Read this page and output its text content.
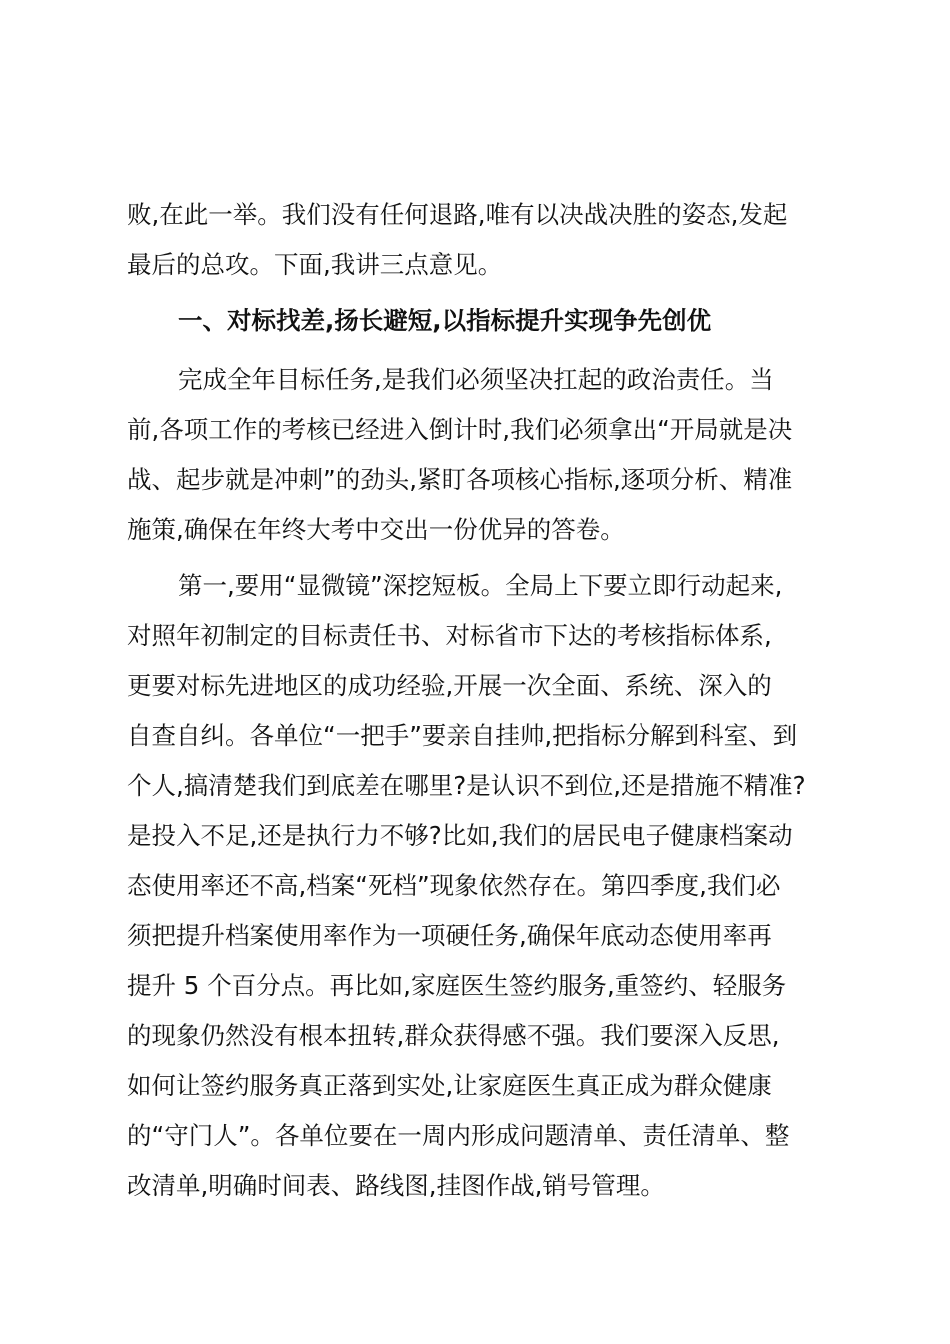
败,在此一举。我们没有任何退路,唯有以决战决胜的姿态,发起
最后的总攻。下面,我讲三点意见。
一、对标找差,扬长避短,以指标提升实现争先创优
完成全年目标任务,是我们必须坚决扛起的政治责任。当
前,各项工作的考核已经进入倒计时,我们必须拿出“开局就是决
战、起步就是冲刺”的劲头,紧盯各项核心指标,逐项分析、精准
施策,确保在年终大考中交出一份优异的答卷。
第一,要用“显微镜”深挖短板。全局上下要立即行动起来,
对照年初制定的目标责任书、对标省市下达的考核指标体系,
更要对标先进地区的成功经验,开展一次全面、系统、深入的
自查自纠。各单位“一把手”要亲自挂帅,把指标分解到科室、到
个人,搞清楚我们到底差在哪里?是认识不到位,还是措施不精准?
是投入不足,还是执行力不够?比如,我们的居民电子健康档案动
态使用率还不高,档案“死档”现象依然存在。第四季度,我们必
须把提升档案使用率作为一项硬任务,确保年底动态使用率再
提升 5 个百分点。再比如,家庭医生签约服务,重签约、轻服务
的现象仍然没有根本扭转,群众获得感不强。我们要深入反思,
如何让签约服务真正落到实处,让家庭医生真正成为群众健康
的“守门人”。各单位要在一周内形成问题清单、责任清单、整
改清单,明确时间表、路线图,挂图作战,销号管理。
